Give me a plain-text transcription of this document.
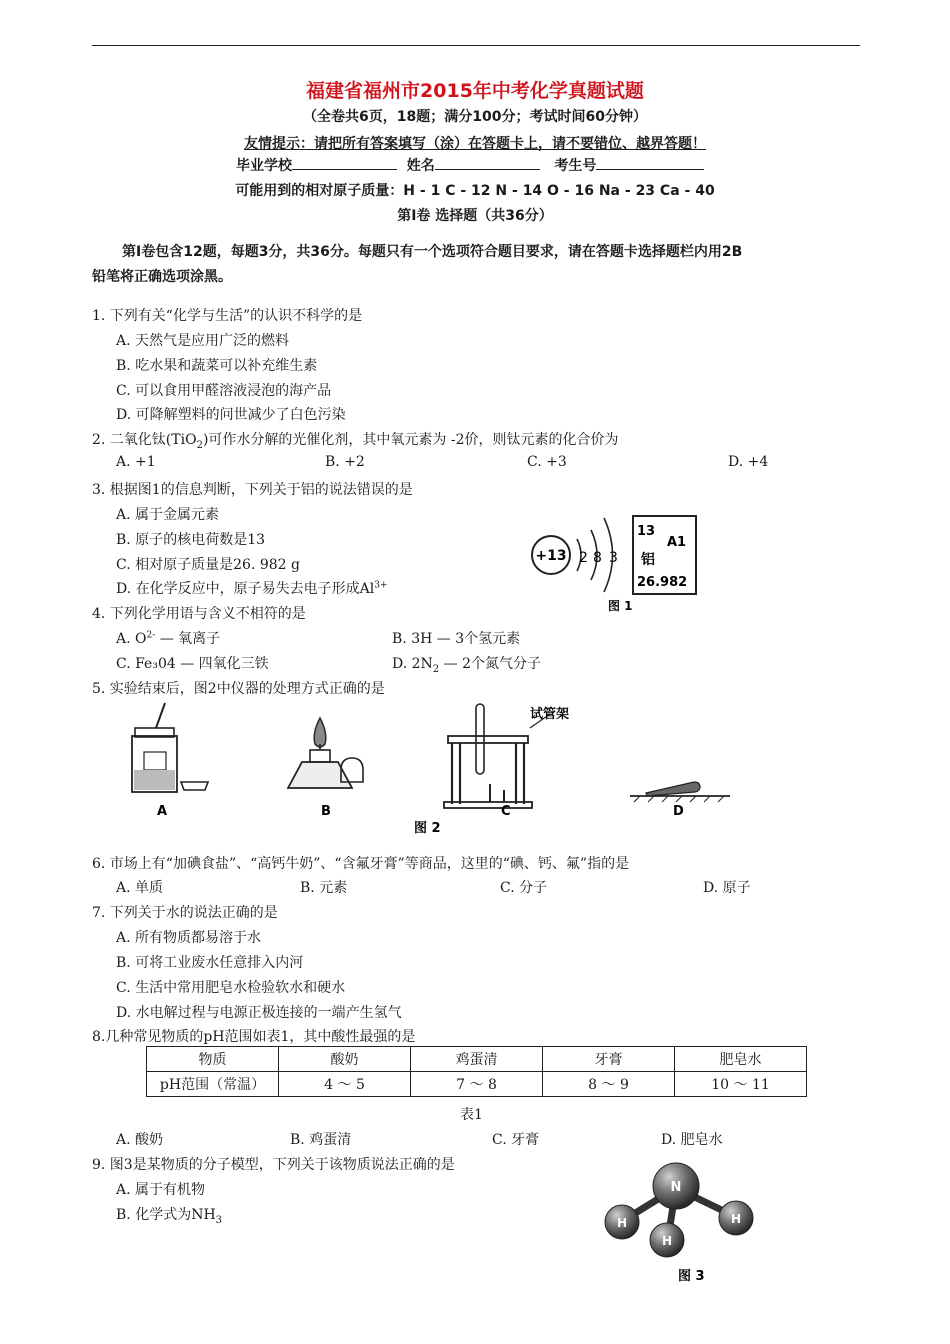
福建省福州市2015年中考化学真题试题
（全卷共6页，18题；满分100分；考试时间60分钟）
友情提示：请把所有答案填写（涂）在答题卡上，请不要错位、越界答题！
毕业学校	姓名	考生号
可能用到的相对原子质量：H - 1 C - 12 N - 14 O - 16 Na - 23 Ca - 40
第Ⅰ卷 选择题（共36分）
第Ⅰ卷包含12题，每题3分，共36分。每题只有一个选项符合题目要求，请在答题卡选择题栏内用2B
铅笔将正确选项涂黑。
1. 下列有关“化学与生活”的认识不科学的是
A. 天然气是应用广泛的燃料
B. 吃水果和蔬菜可以补充维生素
C. 可以食用甲醛溶液浸泡的海产品
D. 可降解塑料的问世减少了白色污染
2. 二氧化钛(TiO$_2$)可作水分解的光催化剂，其中氧元素为 -2价，则钛元素的化合价为
A. +1	B. +2	C. +3	D. +4
3. 根据图1的信息判断，下列关于铝的说法错误的是
A. 属于金属元素
B. 原子的核电荷数是13
C. 相对原子质量是26. 982 g
D. 在化学反应中，原子易失去电子形成$Al^{3+}$
+13 2 8 3
13
A1
铝
26.982
图 1
4. 下列化学用语与含义不相符的是
A. $O^{2-}$ — 氧离子	B. 3H — 3个氢元素
C. Fe₃04 — 四氧化三铁	D. $2N_2$ — 2个氮气分子
5. 实验结束后，图2中仪器的处理方式正确的是
试管架
A	B	C	D
图 2
6. 市场上有“加碘食盐”、“高钙牛奶”、“含氟牙膏”等商品，这里的“碘、钙、氟”指的是
A. 单质	B. 元素	C. 分子	D. 原子
7. 下列关于水的说法正确的是
A. 所有物质都易溶于水
B. 可将工业废水任意排入内河
C. 生活中常用肥皂水检验软水和硬水
D. 水电解过程与电源正极连接的一端产生氢气
8.几种常见物质的pH范围如表1，其中酸性最强的是
物质	酸奶	鸡蛋清	牙膏	肥皂水
pH范围（常温）	4 ～ 5	7 ～ 8	8 ～ 9	10 ～ 11
表1
A. 酸奶	B. 鸡蛋清	C. 牙膏	D. 肥皂水
9. 图3是某物质的分子模型，下列关于该物质说法正确的是
A. 属于有机物
B. 化学式为$NH_3$
N
H	H
H
图 3
